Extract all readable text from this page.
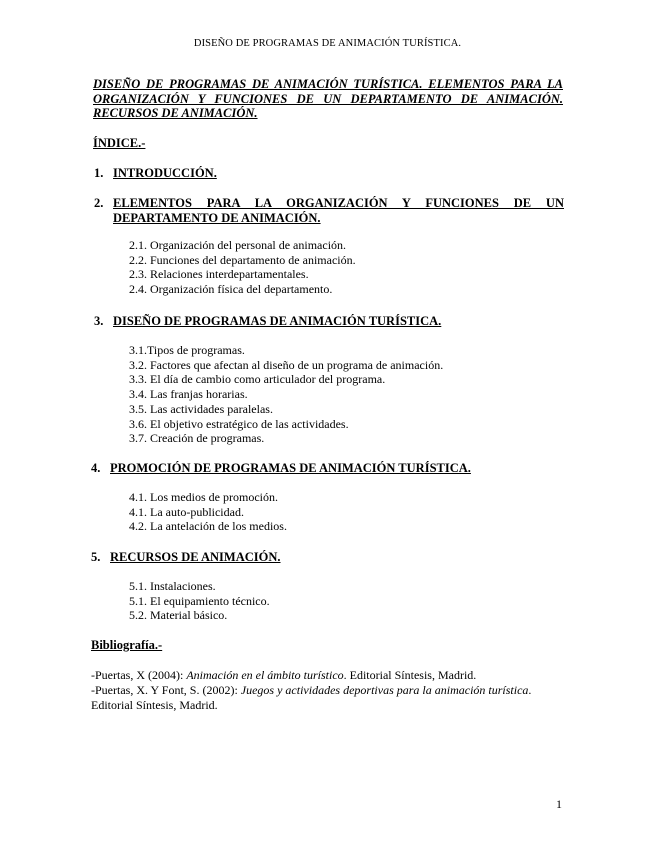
DISEÑO DE PROGRAMAS DE ANIMACIÓN TURÍSTICA.
DISEÑO DE PROGRAMAS DE ANIMACIÓN TURÍSTICA. ELEMENTOS PARA LA ORGANIZACIÓN Y FUNCIONES DE UN DEPARTAMENTO DE ANIMACIÓN. RECURSOS DE ANIMACIÓN.
ÍNDICE.-
1. INTRODUCCIÓN.
2. ELEMENTOS PARA LA ORGANIZACIÓN Y FUNCIONES DE UN DEPARTAMENTO DE ANIMACIÓN.
2.1. Organización del personal de animación.
2.2. Funciones del departamento de animación.
2.3. Relaciones interdepartamentales.
2.4. Organización física del departamento.
3. DISEÑO DE PROGRAMAS DE ANIMACIÓN TURÍSTICA.
3.1.Tipos de programas.
3.2. Factores que afectan al diseño de un programa de animación.
3.3. El día de cambio como articulador del programa.
3.4. Las franjas horarias.
3.5. Las actividades paralelas.
3.6. El objetivo estratégico de las actividades.
3.7. Creación de programas.
4. PROMOCIÓN DE PROGRAMAS DE ANIMACIÓN TURÍSTICA.
4.1. Los medios de promoción.
4.1. La auto-publicidad.
4.2. La antelación de los medios.
5. RECURSOS DE ANIMACIÓN.
5.1. Instalaciones.
5.1. El equipamiento técnico.
5.2. Material básico.
Bibliografía.-
-Puertas, X (2004): Animación en el ámbito turístico. Editorial Síntesis, Madrid.
-Puertas, X. Y Font, S. (2002): Juegos y actividades deportivas para la animación turística. Editorial Síntesis, Madrid.
1
